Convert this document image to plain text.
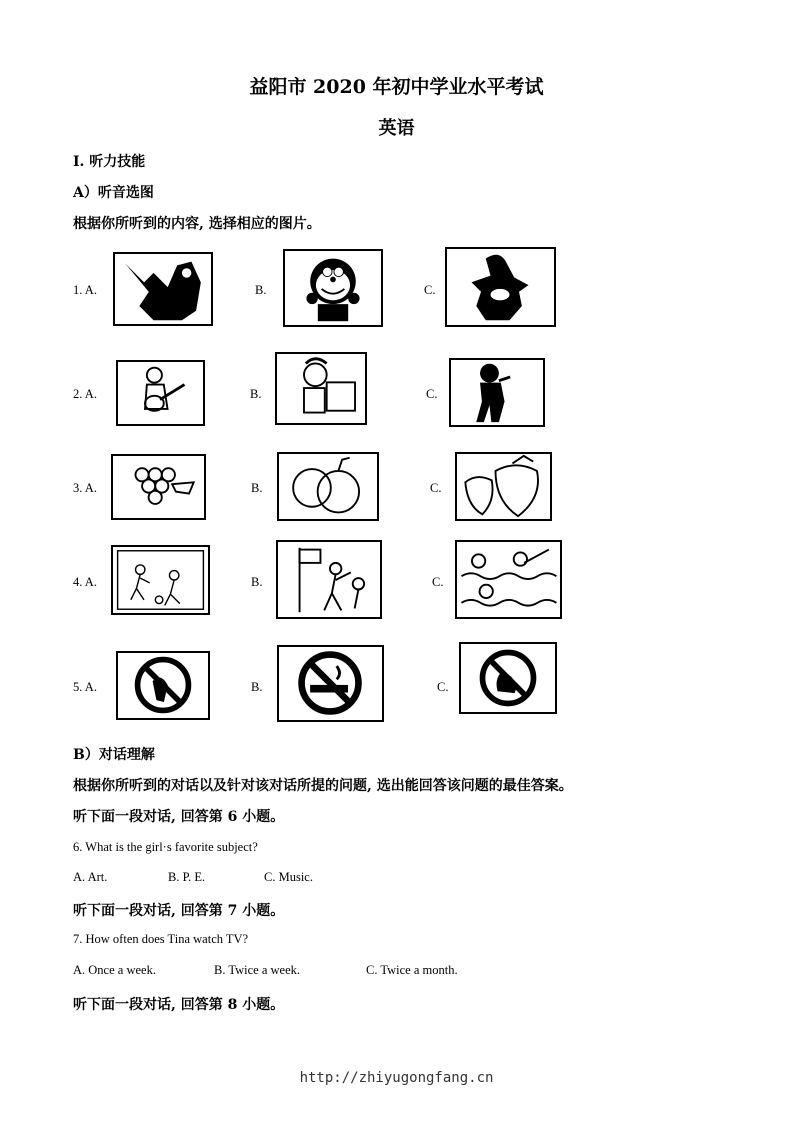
益阳市 2020 年初中学业水平考试
英语
Ⅰ. 听力技能
A）听音选图
根据你所听到的内容, 选择相应的图片。
1. A.	B.	C.
2. A.	B.	C.
3. A.	B.	C.
4. A.	B.	C.
5. A.	B.	C.
B）对话理解
根据你所听到的对话以及针对该对话所提的问题, 选出能回答该问题的最佳答案。
听下面一段对话, 回答第 6 小题。
6. What is the girl·s favorite subject?
A. Art.	B. P. E.	C. Music.
听下面一段对话, 回答第 7 小题。
7. How often does Tina watch TV?
A. Once a week.	B. Twice a week.	C. Twice a month.
听下面一段对话, 回答第 8 小题。
http://zhiyugongfang.cn
